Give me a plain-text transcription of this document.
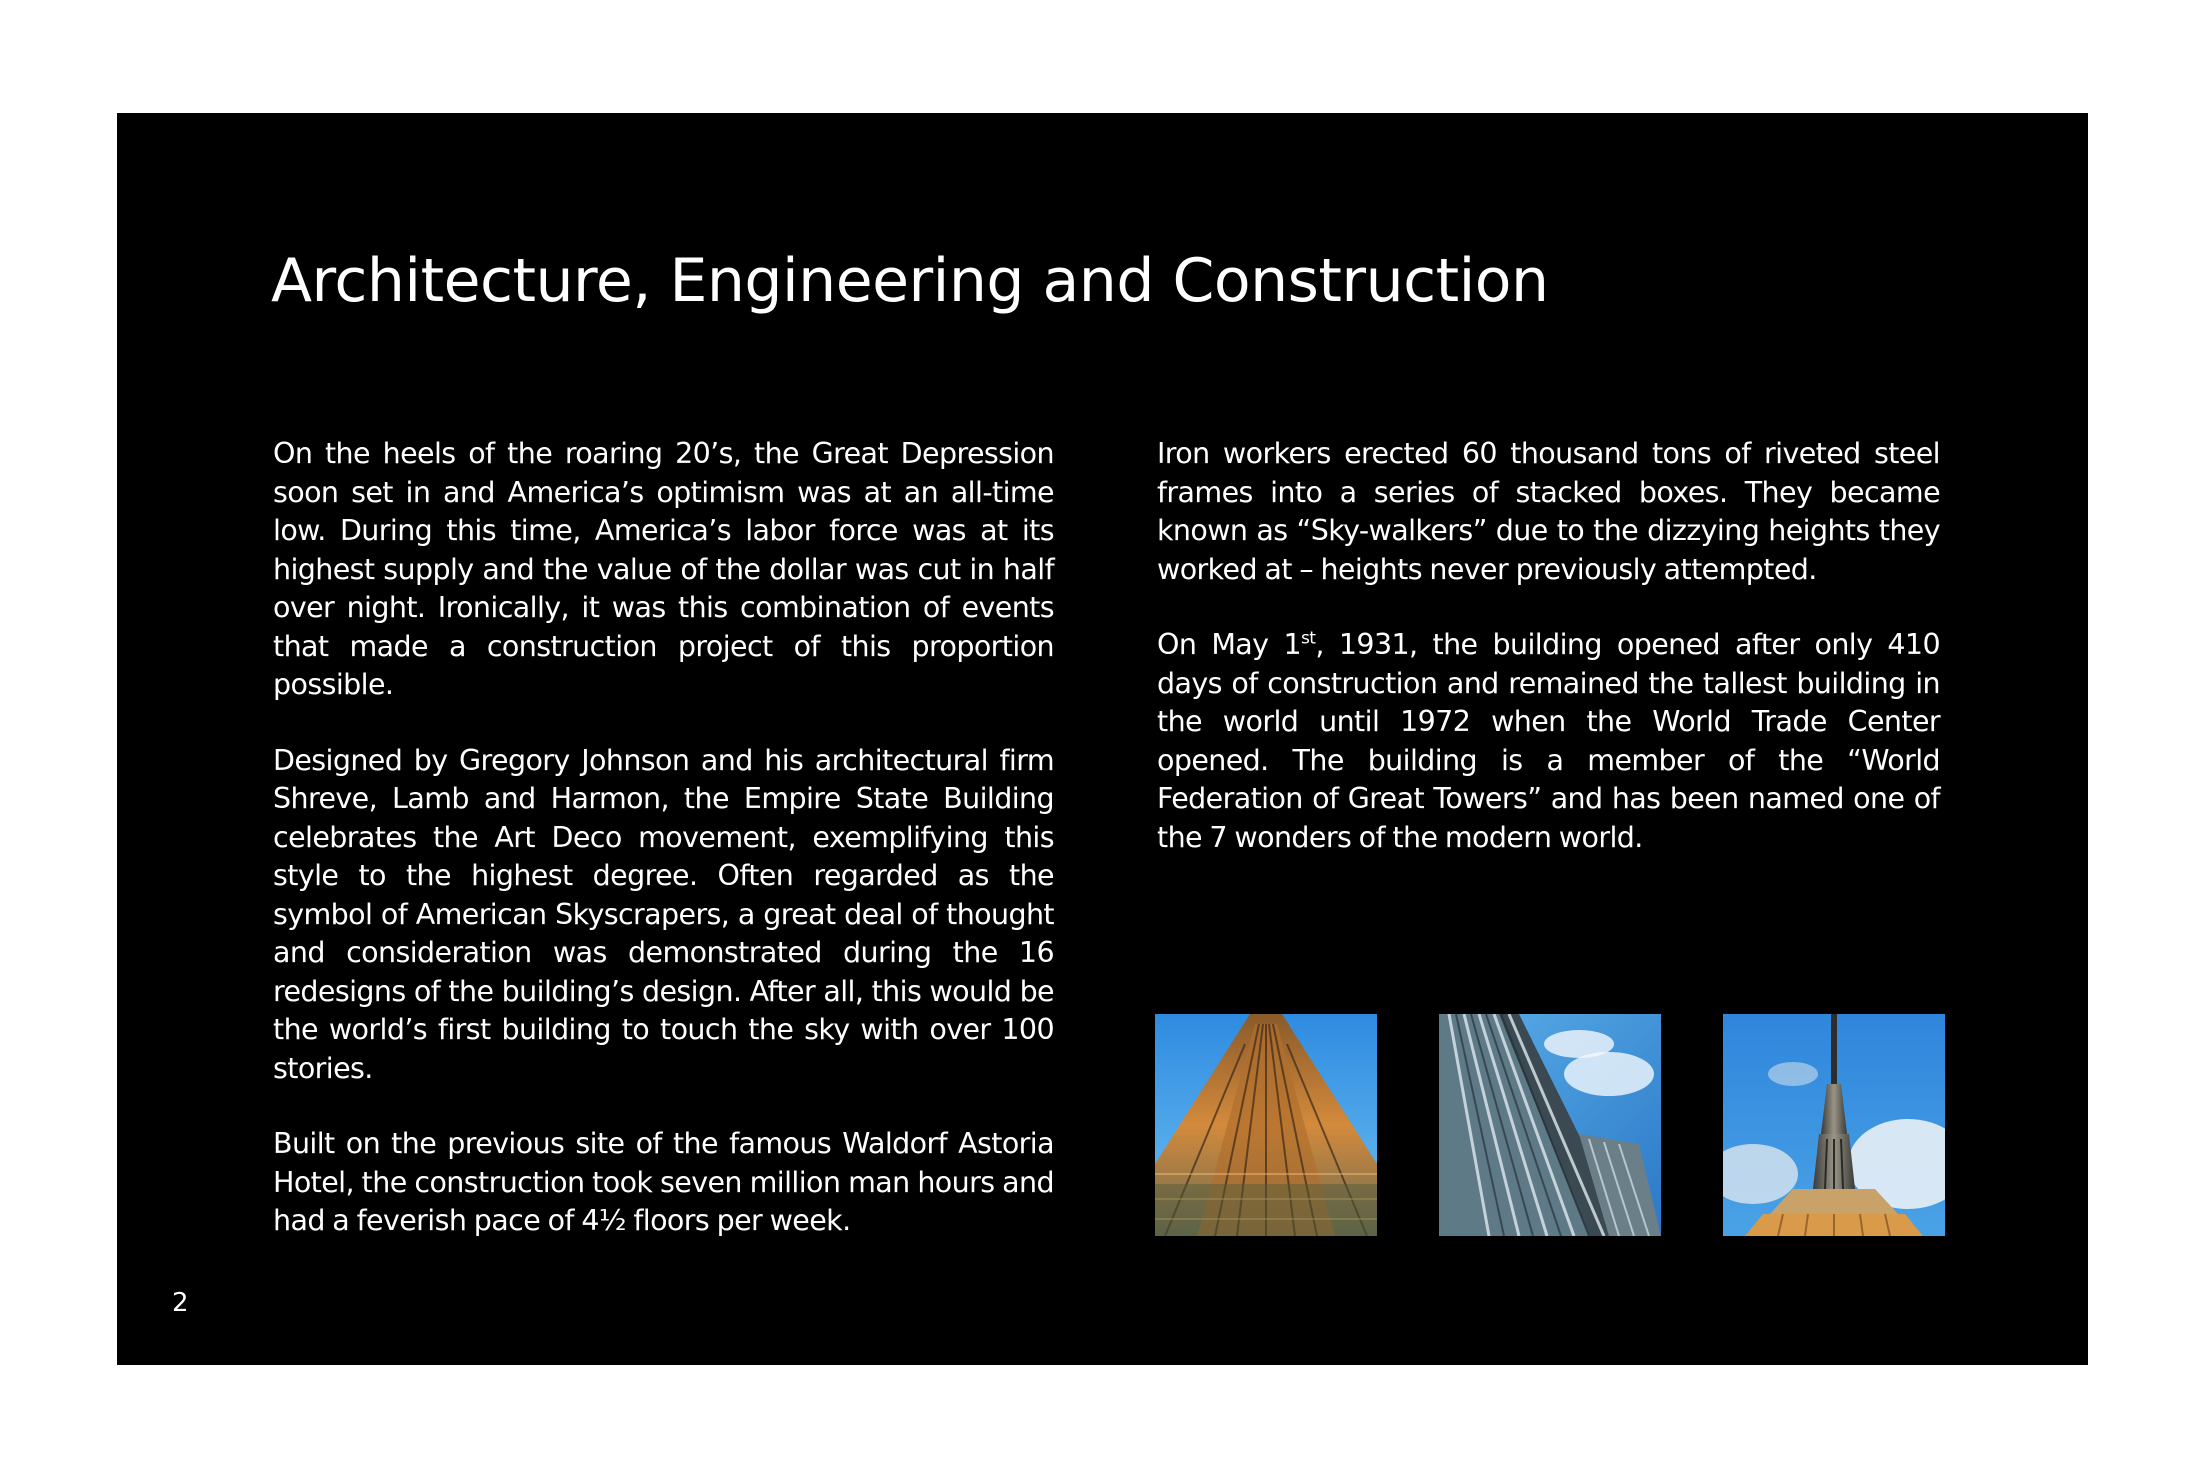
Architecture, Engineering and Construction

On the heels of the roaring 20’s, the Great Depression soon set in and America’s optimism was at an all-time low. During this time, America’s labor force was at its highest supply and the value of the dollar was cut in half over night. Ironically, it was this combination of events that made a construction project of this proportion possible.

Designed by Gregory Johnson and his architectural firm Shreve, Lamb and Harmon, the Empire State Building celebrates the Art Deco movement, exemplifying this style to the highest degree. Often regarded as the symbol of American Skyscrapers, a great deal of thought and consideration was demonstrated during the 16 redesigns of the building’s design. After all, this would be the world’s first building to touch the sky with over 100 stories.

Built on the previous site of the famous Waldorf Astoria Hotel, the construction took seven million man hours and had a feverish pace of 4½ floors per week.

Iron workers erected 60 thousand tons of riveted steel frames into a series of stacked boxes. They became known as “Sky-walkers” due to the dizzying heights they worked at – heights never previously attempted.

On May 1st, 1931, the building opened after only 410 days of construction and remained the tallest building in the world until 1972 when the World Trade Center opened. The building is a member of the “World Federation of Great Towers” and has been named one of the 7 wonders of the modern world.

2
